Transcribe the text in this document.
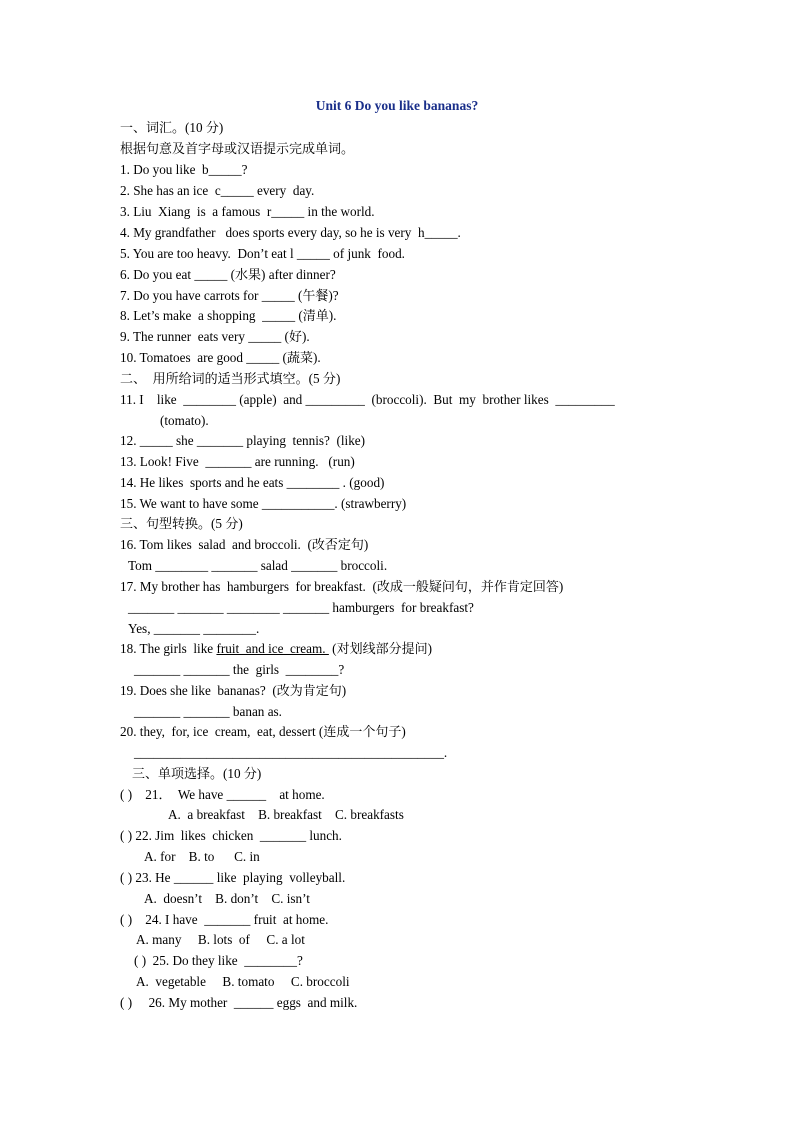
Unit 6 Do you like bananas?
一、词汇。(10 分)
根据句意及首字母或汉语提示完成单词。
1. Do you like  b_____?
2. She has an ice  c_____ every  day.
3. Liu  Xiang  is  a famous  r_____ in the world.
4. My grandfather   does sports every day, so he is very  h_____.
5. You are too heavy.  Don’t eat l _____ of junk  food.
6. Do you eat _____ (水果) after dinner?
7. Do you have carrots for _____ (午餐)?
8. Let’s make  a shopping  _____ (清单).
9. The runner  eats very _____ (好).
10. Tomatoes  are good _____ (蔬菜).
二、 用所给词的适当形式填空。(5 分)
11. I    like  ________ (apple)  and _________  (broccoli).  But  my  brother likes  _________
(tomato).
12. _____ she _______ playing  tennis?  (like)
13. Look! Five  _______ are running.   (run)
14. He likes  sports and he eats ________ . (good)
15. We want to have some ___________. (strawberry)
三、句型转换。(5 分)
16. Tom likes  salad  and broccoli.  (改否定句)
Tom ________ _______ salad _______ broccoli.
17. My brother has  hamburgers  for breakfast.  (改成一般疑问句，并作肯定回答)
_______ _______ ________ _______ hamburgers  for breakfast?
Yes, _______ ________.
18. The girls  like fruit  and ice  cream.  (对划线部分提问)
_______ _______ the  girls  ________?
19. Does she like  bananas?  (改为肯定句)
_______ _______ banan as.
20. they,  for, ice  cream,  eat, dessert (连成一个句子)
_______________________________________________.
三、单项选择。(10 分)
( )    21．  We have ______    at home.
A.  a breakfast    B. breakfast    C. breakfasts
( ) 22. Jim  likes  chicken  _______ lunch.
A. for    B. to      C. in
( ) 23. He ______ like  playing  volleyball.
A.  doesn’t    B. don’t    C. isn’t
( )    24. I have  _______ fruit  at home.
A. many     B. lots  of     C. a lot
( )  25. Do they like  ________?
A.  vegetable     B. tomato     C. broccoli
( )     26. My mother  ______ eggs  and milk.
